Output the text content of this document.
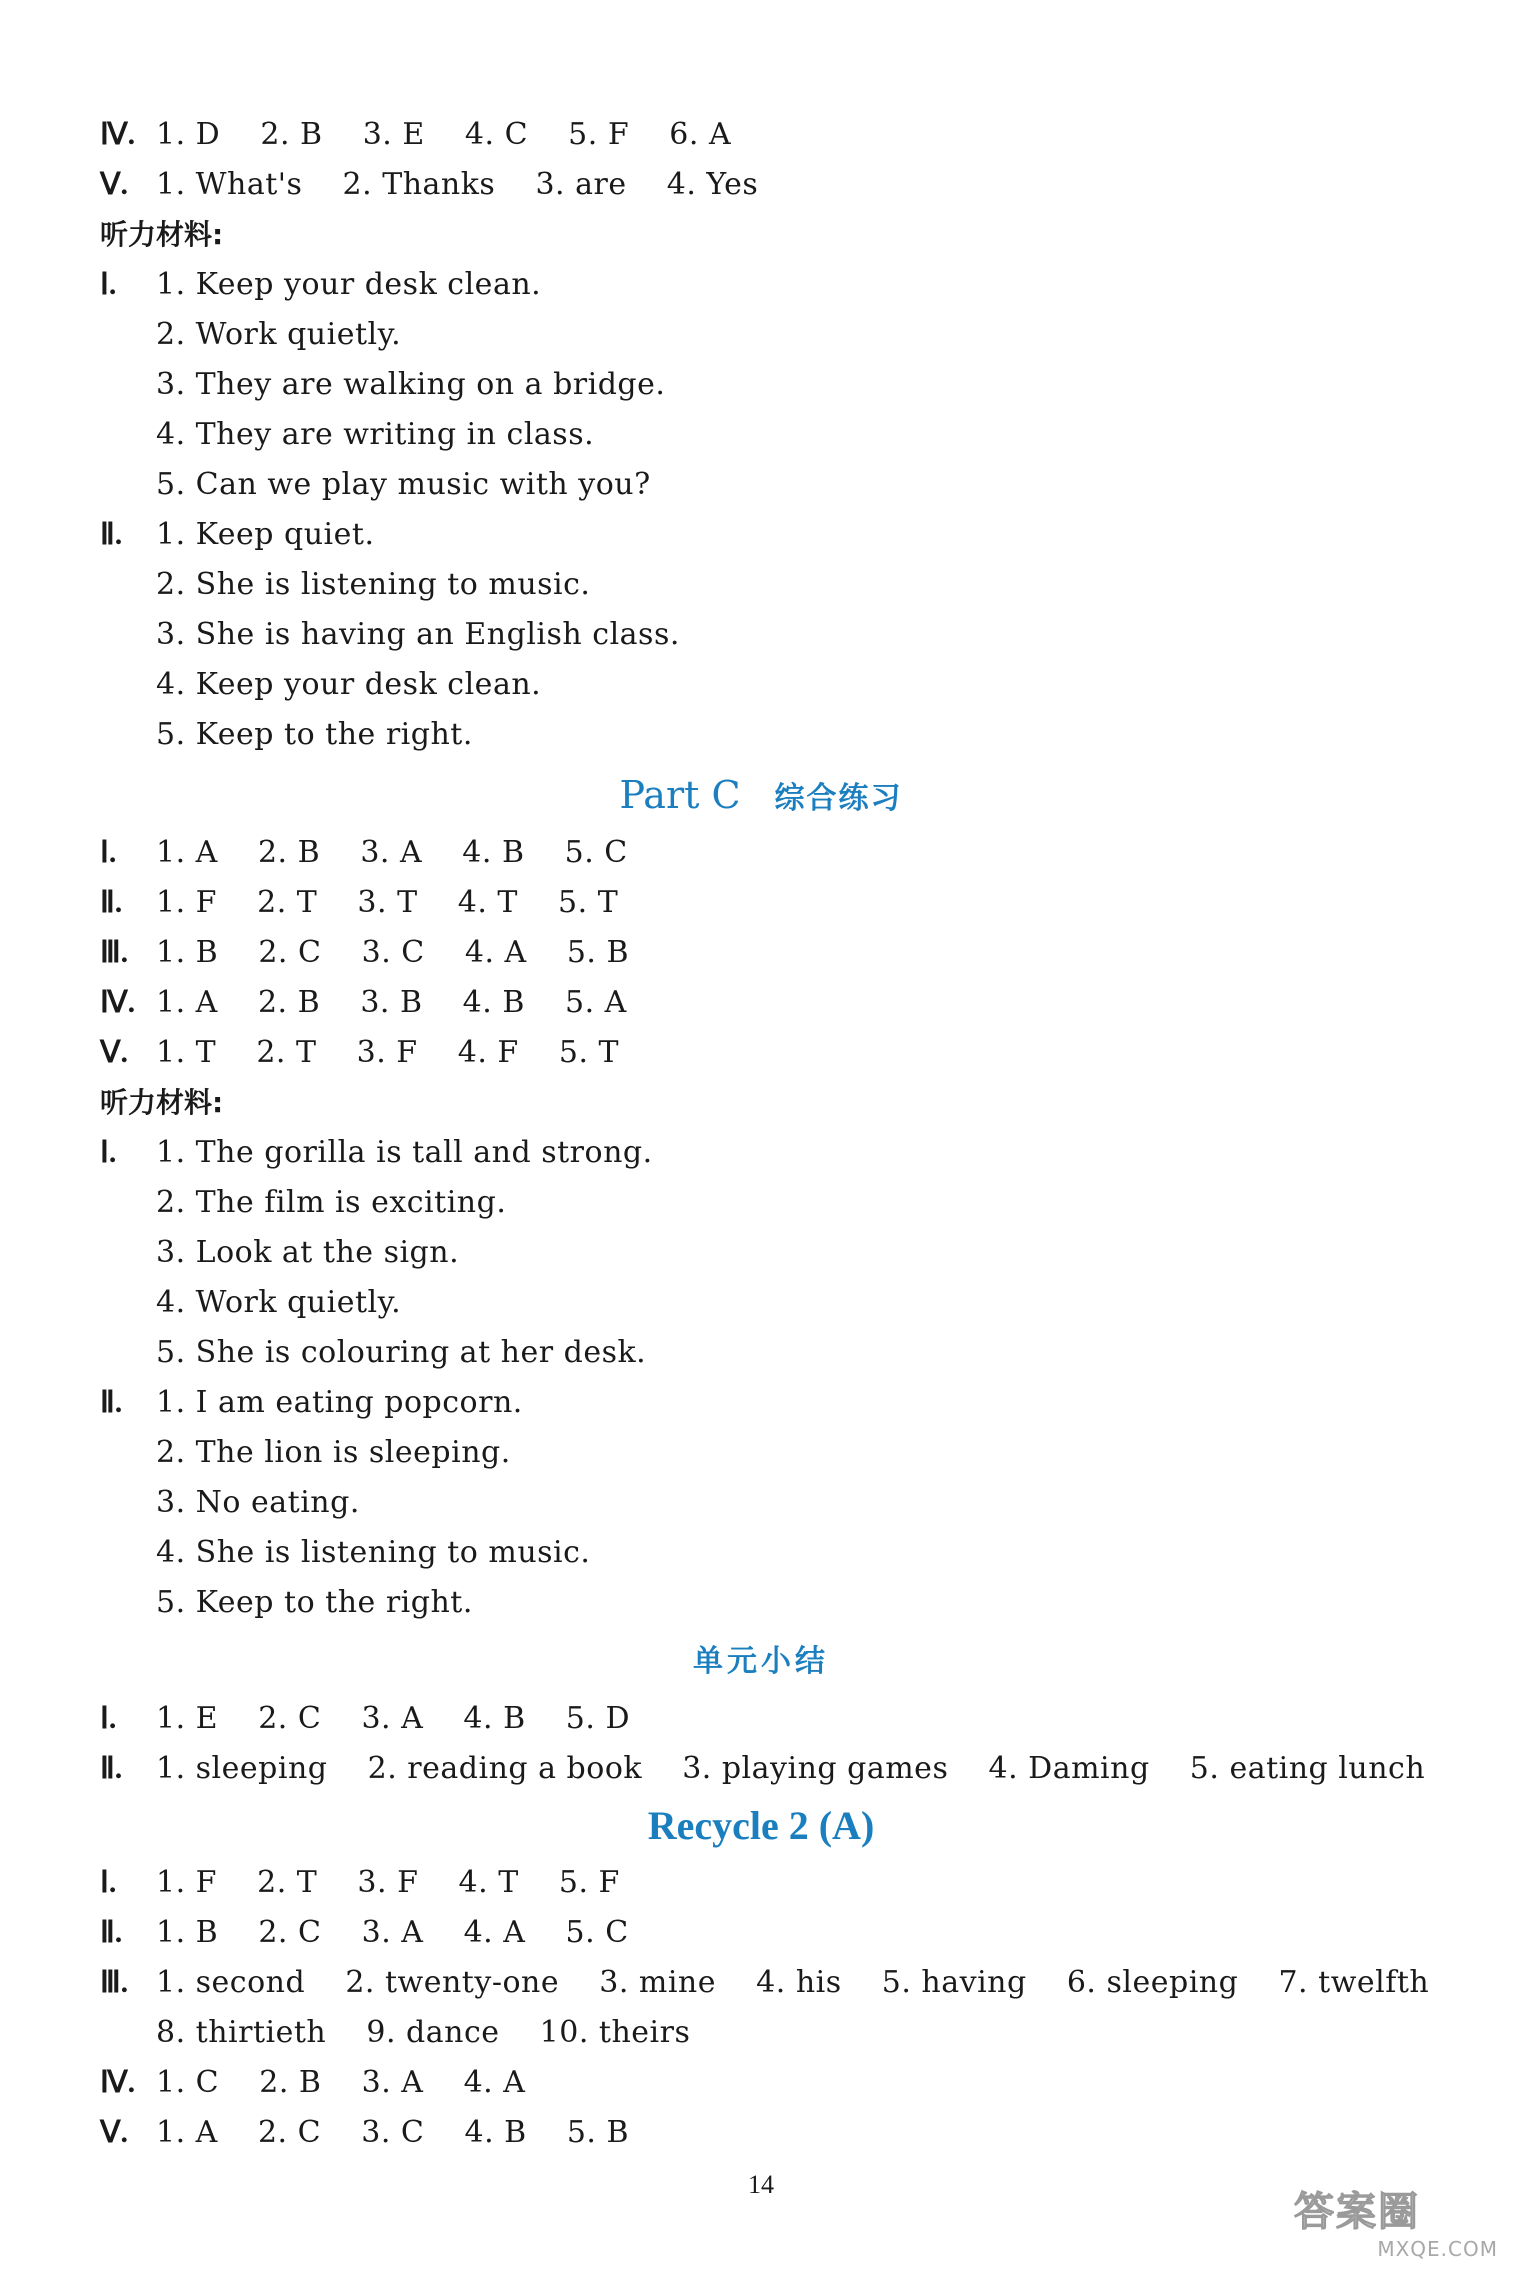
Ⅳ. 1. D    2. B    3. E    4. C    5. F    6. A
Ⅴ. 1. What's    2. Thanks    3. are    4. Yes
听力材料:
Ⅰ. 1. Keep your desk clean.
2. Work quietly.
3. They are walking on a bridge.
4. They are writing in class.
5. Can we play music with you?
Ⅱ. 1. Keep quiet.
2. She is listening to music.
3. She is having an English class.
4. Keep your desk clean.
5. Keep to the right.
Part C 综合练习
Ⅰ. 1. A    2. B    3. A    4. B    5. C
Ⅱ. 1. F    2. T    3. T    4. T    5. T
Ⅲ. 1. B    2. C    3. C    4. A    5. B
Ⅳ. 1. A    2. B    3. B    4. B    5. A
Ⅴ. 1. T    2. T    3. F    4. F    5. T
听力材料:
Ⅰ. 1. The gorilla is tall and strong.
2. The film is exciting.
3. Look at the sign.
4. Work quietly.
5. She is colouring at her desk.
Ⅱ. 1. I am eating popcorn.
2. The lion is sleeping.
3. No eating.
4. She is listening to music.
5. Keep to the right.
单元小结
Ⅰ. 1. E    2. C    3. A    4. B    5. D
Ⅱ. 1. sleeping    2. reading a book    3. playing games    4. Daming    5. eating lunch
Recycle 2 (A)
Ⅰ. 1. F    2. T    3. F    4. T    5. F
Ⅱ. 1. B    2. C    3. A    4. A    5. C
Ⅲ. 1. second    2. twenty-one    3. mine    4. his    5. having    6. sleeping    7. twelfth
8. thirtieth    9. dance    10. theirs
Ⅳ. 1. C    2. B    3. A    4. A
Ⅴ. 1. A    2. C    3. C    4. B    5. B
14
答案圈
MXQE.COM
